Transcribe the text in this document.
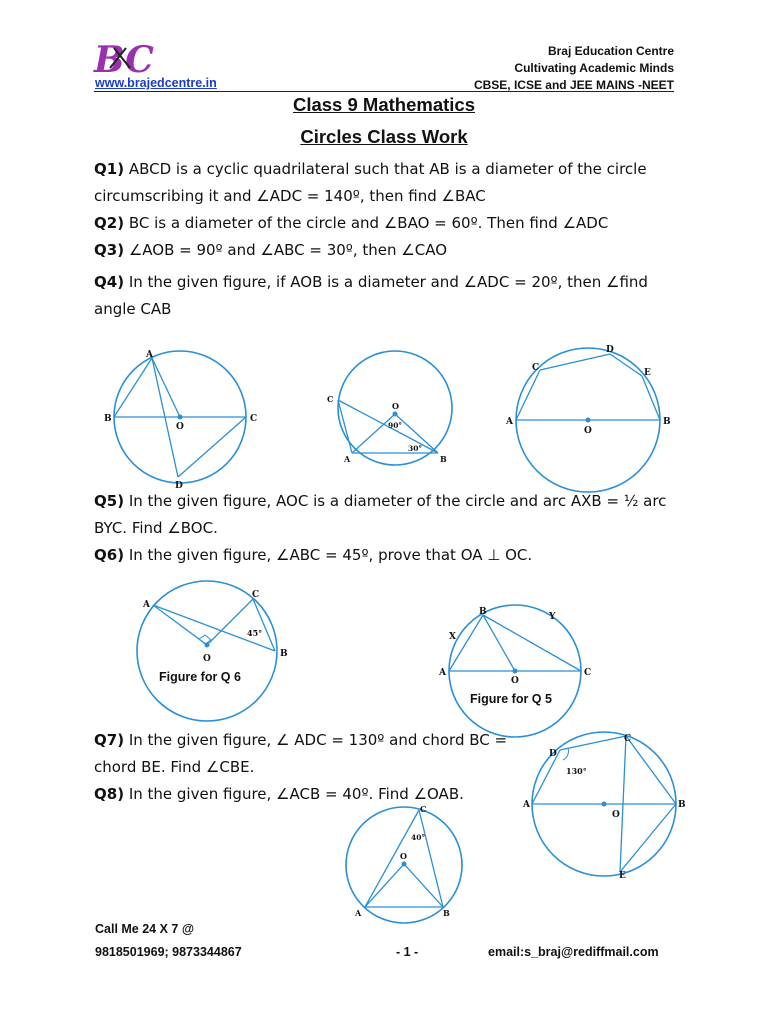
BC
www.brajedcentre.in
Braj Education Centre
Cultivating Academic Minds
CBSE, ICSE and JEE MAINS -NEET
Class 9 Mathematics
Circles Class Work
Q1) ABCD is a cyclic quadrilateral such that AB is a diameter of the circle circumscribing it and ∠ADC = 140º, then find ∠BAC
Q2) BC is a diameter of the circle and ∠BAO = 60º. Then find ∠ADC
Q3) ∠AOB = 90º and ∠ABC = 30º, then ∠CAO
Q4) In the given figure, if AOB is a diameter and ∠ADC = 20º, then ∠find angle CAB
A
B	C
O
D
O
C
A	B
90°
30°
A	B
C
D
E
O
Q5) In the given figure, AOC is a diameter of the circle and arc AXB = ½ arc BYC. Find ∠BOC.
Q6) In the given figure, ∠ABC = 45º, prove that OA ⊥ OC.
A
C
B
O
45°
Figure for Q 6
B	Y
X
A	C
O
Figure for Q 5
Q7) In the given figure, ∠ ADC = 130º and chord BC = chord BE. Find ∠CBE.
Q8) In the given figure, ∠ACB = 40º. Find ∠OAB.
D
C
A	B
O
E
130°
C
A	B
O
40°
Call Me 24 X 7 @
9818501969; 9873344867	- 1 -	email:s_braj@rediffmail.com
